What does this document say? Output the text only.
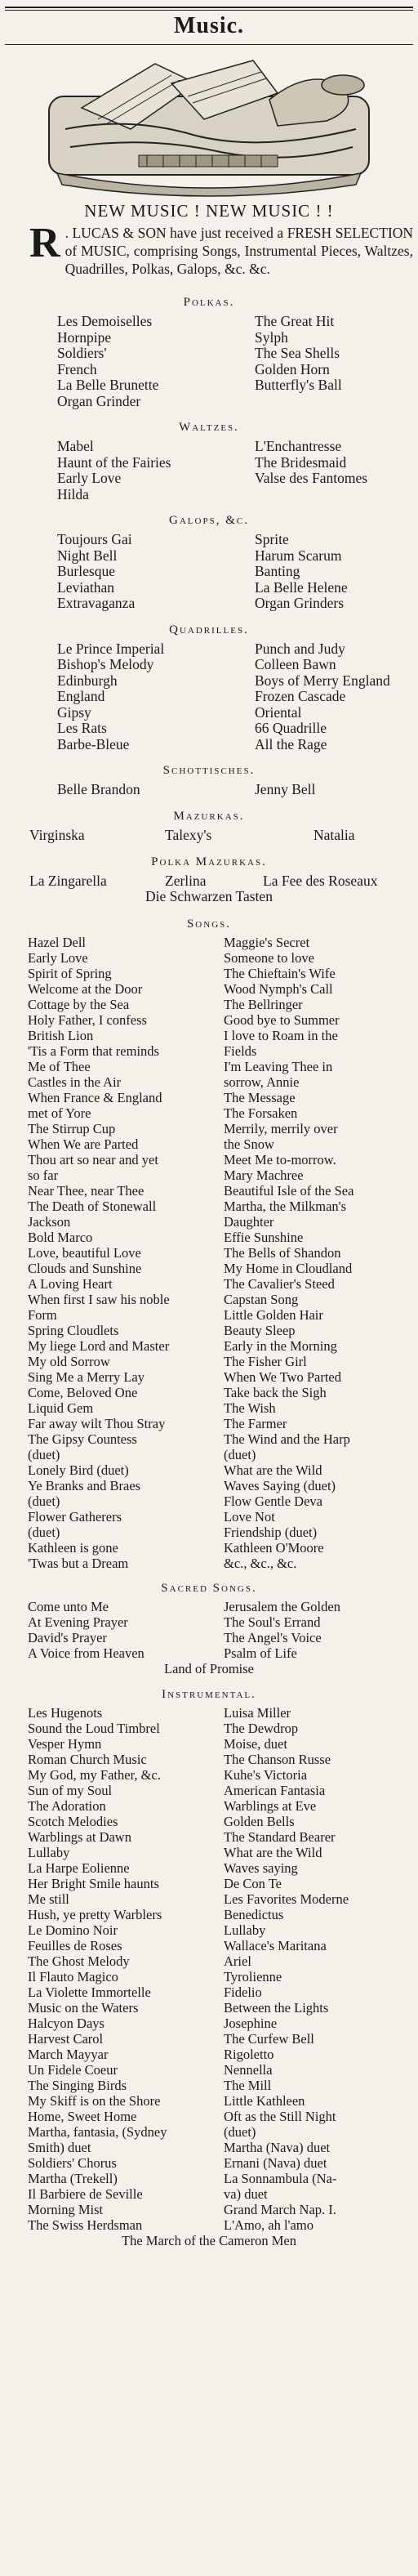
Music.
NEW MUSIC ! NEW MUSIC ! !
R . LUCAS & SON have just received a FRESH SELECTION of MUSIC, comprising Songs, Instrumental Pieces, Waltzes, Quadrilles, Polkas, Galops, &c. &c.
Polkas.
Les Demoiselles	The Great Hit
Hornpipe	Sylph
Soldiers'	The Sea Shells
French	Golden Horn
La Belle Brunette	Butterfly's Ball
Organ Grinder
Waltzes.
Mabel	L'Enchantresse
Haunt of the Fairies	The Bridesmaid
Early Love	Valse des Fantomes
Hilda
Galops, &c.
Toujours Gai	Sprite
Night Bell	Harum Scarum
Burlesque	Banting
Leviathan	La Belle Helene
Extravaganza	Organ Grinders
Quadrilles.
Le Prince Imperial	Punch and Judy
Bishop's Melody	Colleen Bawn
Edinburgh	Boys of Merry England
England	Frozen Cascade
Gipsy	Oriental
Les Rats	66 Quadrille
Barbe-Bleue	All the Rage
Schottisches.
Belle Brandon	Jenny Bell
Mazurkas.
Virginska	Talexy's	Natalia
Polka Mazurkas.
La Zingarella	Zerlina	La Fee des Roseaux
Die Schwarzen Tasten
Songs.
Hazel Dell	Maggie's Secret
Early Love	Someone to love
Spirit of Spring	The Chieftain's Wife
Welcome at the Door	Wood Nymph's Call
Cottage by the Sea	The Bellringer
Holy Father, I confess	Good bye to Summer
British Lion	I love to Roam in the
'Tis a Form that reminds	Fields
Me of Thee	I'm Leaving Thee in
Castles in the Air	sorrow, Annie
When France & England	The Message
met of Yore	The Forsaken
The Stirrup Cup	Merrily, merrily over
When We are Parted	the Snow
Thou art so near and yet	Meet Me to-morrow.
so far	Mary Machree
Near Thee, near Thee	Beautiful Isle of the Sea
The Death of Stonewall	Martha, the Milkman's
Jackson	Daughter
Bold Marco	Effie Sunshine
Love, beautiful Love	The Bells of Shandon
Clouds and Sunshine	My Home in Cloudland
A Loving Heart	The Cavalier's Steed
When first I saw his noble	Capstan Song
Form	Little Golden Hair
Spring Cloudlets	Beauty Sleep
My liege Lord and Master	Early in the Morning
My old Sorrow	The Fisher Girl
Sing Me a Merry Lay	When We Two Parted
Come, Beloved One	Take back the Sigh
Liquid Gem	The Wish
Far away wilt Thou Stray	The Farmer
The Gipsy Countess	The Wind and the Harp
(duet)	(duet)
Lonely Bird (duet)	What are the Wild
Ye Branks and Braes	Waves Saying (duet)
(duet)	Flow Gentle Deva
Flower Gatherers	Love Not
(duet)	Friendship (duet)
Kathleen is gone	Kathleen O'Moore
'Twas but a Dream	&c., &c., &c.
Sacred Songs.
Come unto Me	Jerusalem the Golden
At Evening Prayer	The Soul's Errand
David's Prayer	The Angel's Voice
A Voice from Heaven	Psalm of Life
Land of Promise
Instrumental.
Les Hugenots	Luisa Miller
Sound the Loud Timbrel	The Dewdrop
Vesper Hymn	Moise, duet
Roman Church Music	The Chanson Russe
My God, my Father, &c.	Kuhe's Victoria
Sun of my Soul	American Fantasia
The Adoration	Warblings at Eve
Scotch Melodies	Golden Bells
Warblings at Dawn	The Standard Bearer
Lullaby	What are the Wild
La Harpe Eolienne	Waves saying
Her Bright Smile haunts	De Con Te
Me still	Les Favorites Moderne
Hush, ye pretty Warblers	Benedictus
Le Domino Noir	Lullaby
Feuilles de Roses	Wallace's Maritana
The Ghost Melody	Ariel
Il Flauto Magico	Tyrolienne
La Violette Immortelle	Fidelio
Music on the Waters	Between the Lights
Halcyon Days	Josephine
Harvest Carol	The Curfew Bell
March Mayyar	Rigoletto
Un Fidele Coeur	Nennella
The Singing Birds	The Mill
My Skiff is on the Shore	Little Kathleen
Home, Sweet Home	Oft as the Still Night
Martha, fantasia, (Sydney	(duet)
Smith) duet	Martha (Nava) duet
Soldiers' Chorus	Ernani (Nava) duet
Martha (Trekell)	La Sonnambula (Na-
Il Barbiere de Seville	va) duet
Morning Mist	Grand March Nap. I.
The Swiss Herdsman	L'Amo, ah l'amo
The March of the Cameron Men
